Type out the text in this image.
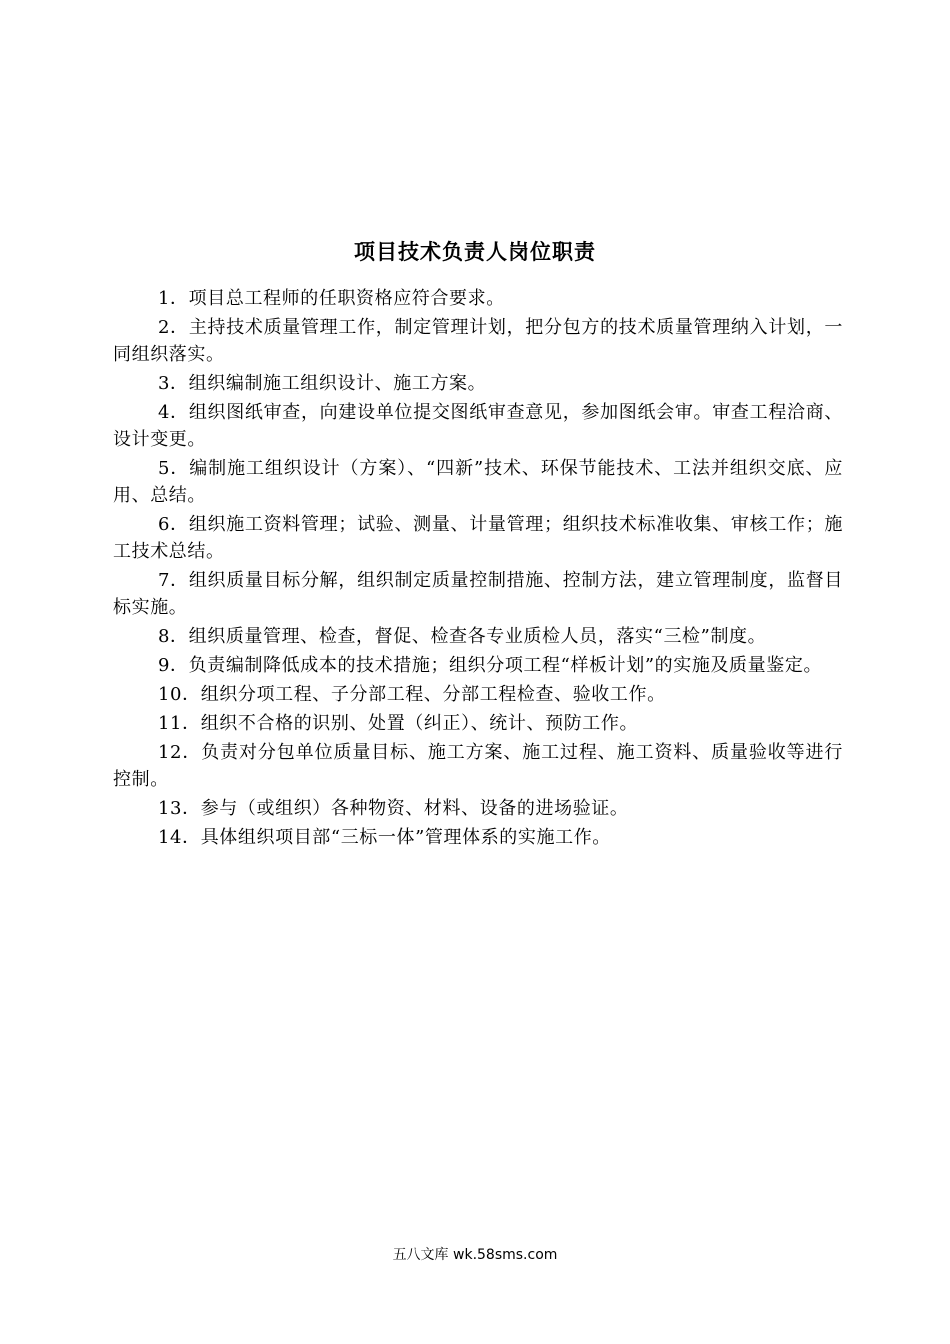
项目技术负责人岗位职责

1．项目总工程师的任职资格应符合要求。

2．主持技术质量管理工作，制定管理计划，把分包方的技术质量管理纳入计划，一同组织落实。

3．组织编制施工组织设计、施工方案。

4．组织图纸审查，向建设单位提交图纸审查意见，参加图纸会审。审查工程洽商、设计变更。

5．编制施工组织设计（方案）、“四新”技术、环保节能技术、工法并组织交底、应用、总结。

6．组织施工资料管理；试验、测量、计量管理；组织技术标准收集、审核工作；施工技术总结。

7．组织质量目标分解，组织制定质量控制措施、控制方法，建立管理制度，监督目标实施。

8．组织质量管理、检查，督促、检查各专业质检人员，落实“三检”制度。

9．负责编制降低成本的技术措施；组织分项工程“样板计划”的实施及质量鉴定。

10．组织分项工程、子分部工程、分部工程检查、验收工作。

11．组织不合格的识别、处置（纠正）、统计、预防工作。

12．负责对分包单位质量目标、施工方案、施工过程、施工资料、质量验收等进行控制。

13．参与（或组织）各种物资、材料、设备的进场验证。

14．具体组织项目部“三标一体”管理体系的实施工作。

五八文库 wk.58sms.com
